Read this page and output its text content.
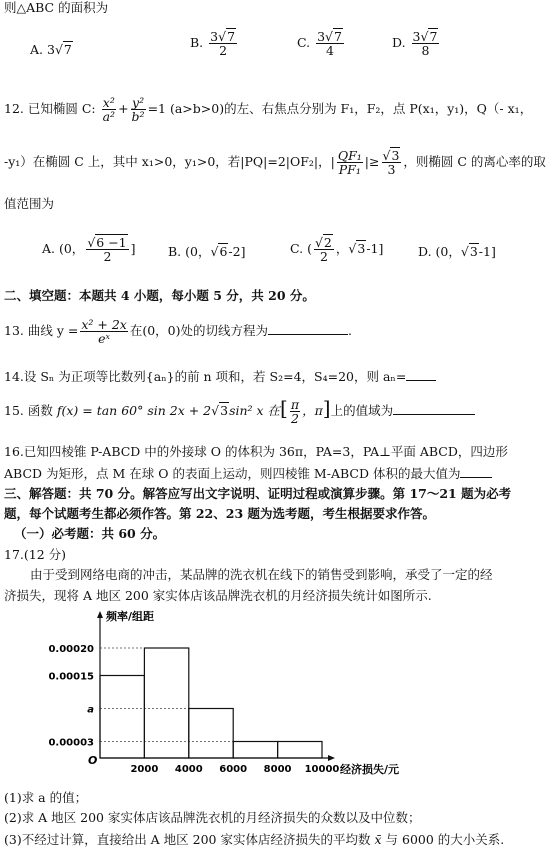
则△ABC 的面积为
A. 3√7	B. $\frac{3√7}{2}$	C. $\frac{3√7}{4}$	D. $\frac{3√7}{8}$
12. 已知椭圆 C: $\frac{\text{x²}}{\text{a²}} + \frac{\text{y²}}{\text{b²}} =1$ (a>b>0)的左、右焦点分别为 F₁，F₂，点 P(x₁，y₁)，Q（- x₁，
-y₁）在椭圆 C 上，其中 x₁>0，y₁>0，若|PQ|=2|OF₂|，| $\frac{\text{QF₁}}{\text{PF₁}}$ |≥ $\frac{√3}{3}$ ，则椭圆 C 的离心率的取
值范围为
A. (0， $\frac{√6 -1}{2}$ ]	B. (0，√6-2]	C. ( $\frac{√2}{2}$ ，√3-1]	D. (0，√3-1]
二、填空题：本题共 4 小题，每小题 5 分，共 20 分。
13. 曲线 $y = \frac{\text{x² + 2x}}{\text{eˣ}}$ 在(0，0)处的切线方程为	.
14.设 Sₙ 为正项等比数列{aₙ}的前 n 项和，若 S₂=4，S₄=20，则 aₙ=
15. 函数 f(x) = tan 60° sin 2x + 2√3sin² x 在[ $\frac{\pi}{2}$ ，π]上的值域为
16.已知四棱锥 P-ABCD 中的外接球 O 的体积为 36π，PA=3，PA⊥平面 ABCD，四边形
ABCD 为矩形，点 M 在球 O 的表面上运动，则四棱锥 M-ABCD 体积的最大值为
三、解答题：共 70 分。解答应写出文字说明、证明过程或演算步骤。第 17～21 题为必考
题，每个试题考生都必须作答。第 22、23 题为选考题，考生根据要求作答。
（一）必考题：共 60 分。
17.(12 分)
由于受到网络电商的冲击，某品牌的洗衣机在线下的销售受到影响，承受了一定的经
济损失，现将 A 地区 200 家实体店该品牌洗衣机的月经济损失统计如图所示.
0.00015
0.00020
a
0.00003
2000 4000 6000 8000 10000
O
频率/组距
经济损失/元
(1)求 a 的值；
(2)求 A 地区 200 家实体店该品牌洗衣机的月经济损失的众数以及中位数；
(3)不经过计算，直接给出 A 地区 200 家实体店经济损失的平均数 x̄ 与 6000 的大小关系.
